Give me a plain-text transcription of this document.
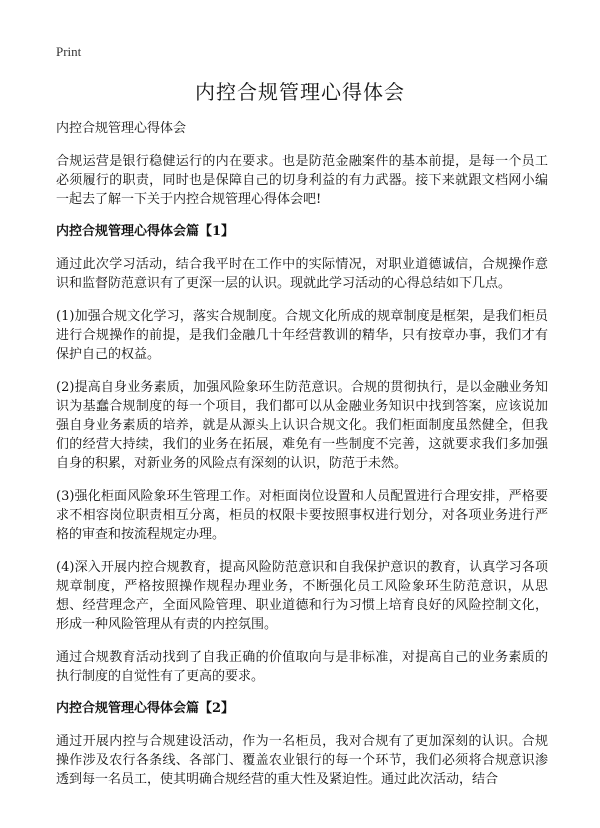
Print
内控合规管理心得体会

内控合规管理心得体会

合规运营是银行稳健运行的内在要求。也是防范金融案件的基本前提，是每一个员工必须履行的职责，同时也是保障自己的切身利益的有力武器。接下来就跟文档网小编一起去了解一下关于内控合规管理心得体会吧!

内控合规管理心得体会篇【1】

通过此次学习活动，结合我平时在工作中的实际情况，对职业道德诚信，合规操作意识和监督防范意识有了更深一层的认识。现就此学习活动的心得总结如下几点。

(1)加强合规文化学习，落实合规制度。合规文化所成的规章制度是框架，是我们柜员进行合规操作的前提，是我们金融几十年经营教训的精华，只有按章办事，我们才有保护自己的权益。

(2)提高自身业务素质，加强风险象环生防范意识。合规的贯彻执行，是以金融业务知识为基蠢合规制度的每一个项目，我们都可以从金融业务知识中找到答案，应该说加强自身业务素质的培养，就是从源头上认识合规文化。我们柜面制度虽然健全，但我们的经营大持续，我们的业务在拓展，难免有一些制度不完善，这就要求我们多加强自身的积累，对新业务的风险点有深刻的认识，防范于未然。

(3)强化柜面风险象环生管理工作。对柜面岗位设置和人员配置进行合理安排，严格要求不相容岗位职责相互分离，柜员的权限卡要按照事权进行划分，对各项业务进行严格的审查和按流程规定办理。

(4)深入开展内控合规教育，提高风险防范意识和自我保护意识的教育，认真学习各项规章制度，严格按照操作规程办理业务，不断强化员工风险象环生防范意识，从思想、经营理念产，全面风险管理、职业道德和行为习惯上培育良好的风险控制文化，形成一种风险管理从有责的内控氛围。

通过合规教育活动找到了自我正确的价值取向与是非标准，对提高自己的业务素质的执行制度的自觉性有了更高的要求。

内控合规管理心得体会篇【2】

通过开展内控与合规建设活动，作为一名柜员，我对合规有了更加深刻的认识。合规操作涉及农行各条线、各部门、覆盖农业银行的每一个环节，我们必须将合规意识渗透到每一名员工，使其明确合规经营的重大性及紧迫性。通过此次活动，结合
